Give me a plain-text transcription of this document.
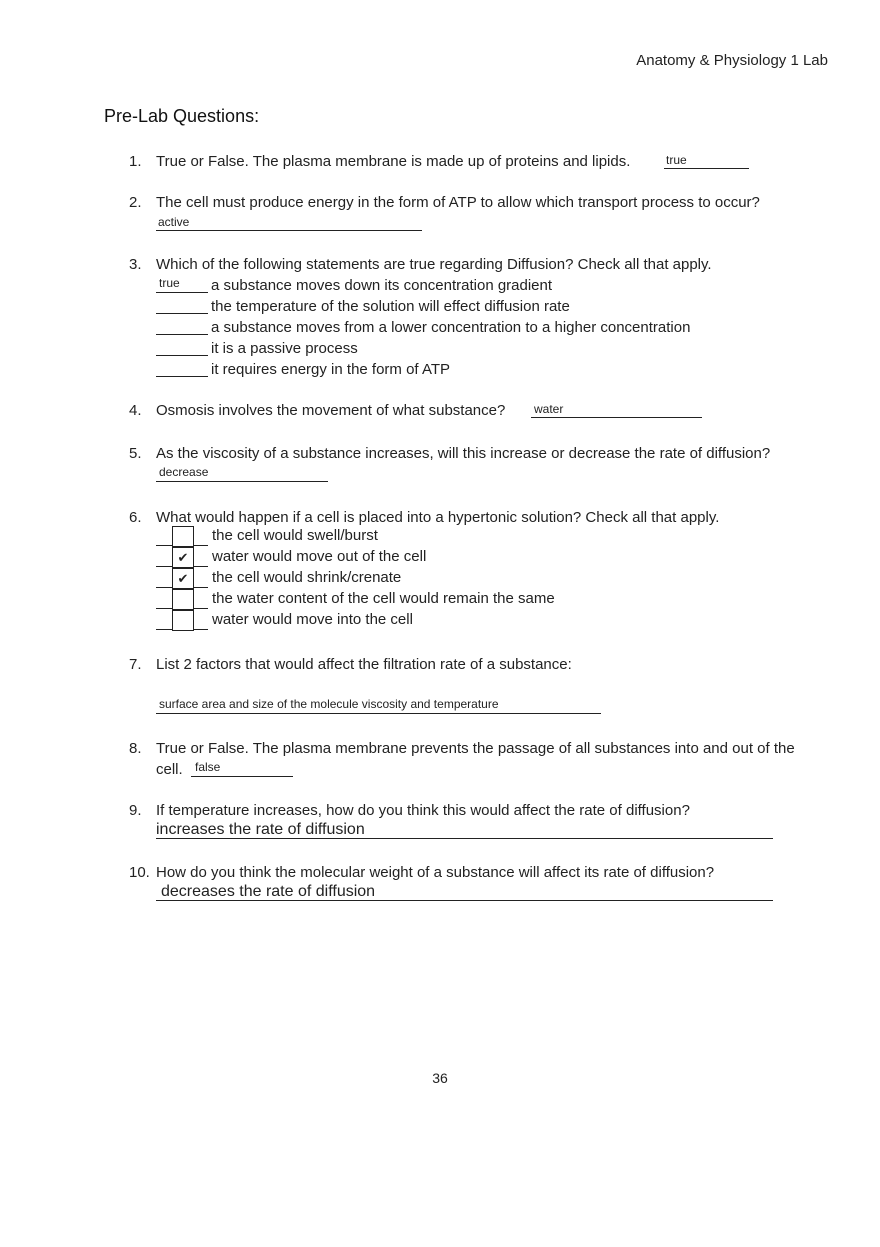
Anatomy & Physiology 1 Lab
Pre-Lab Questions:
1. True or False. The plasma membrane is made up of proteins and lipids.	true
2. The cell must produce energy in the form of ATP to allow which transport process to occur?
active
3. Which of the following statements are true regarding Diffusion? Check all that apply.
true a substance moves down its concentration gradient
the temperature of the solution will effect diffusion rate
a substance moves from a lower concentration to a higher concentration
it is a passive process
it requires energy in the form of ATP
4. Osmosis involves the movement of what substance? water
5. As the viscosity of a substance increases, will this increase or decrease the rate of diffusion?
decrease
6. What would happen if a cell is placed into a hypertonic solution? Check all that apply.
the cell would swell/burst
✔	water would move out of the cell
✔	the cell would shrink/crenate
the water content of the cell would remain the same
water would move into the cell
7. List 2 factors that would affect the filtration rate of a substance:
surface area and size of the molecule viscosity and temperature
8. True or False. The plasma membrane prevents the passage of all substances into and out of the
cell. false
9. If temperature increases, how do you think this would affect the rate of diffusion?
increases the rate of diffusion
10. How do you think the molecular weight of a substance will affect its rate of diffusion?
decreases the rate of diffusion
36
